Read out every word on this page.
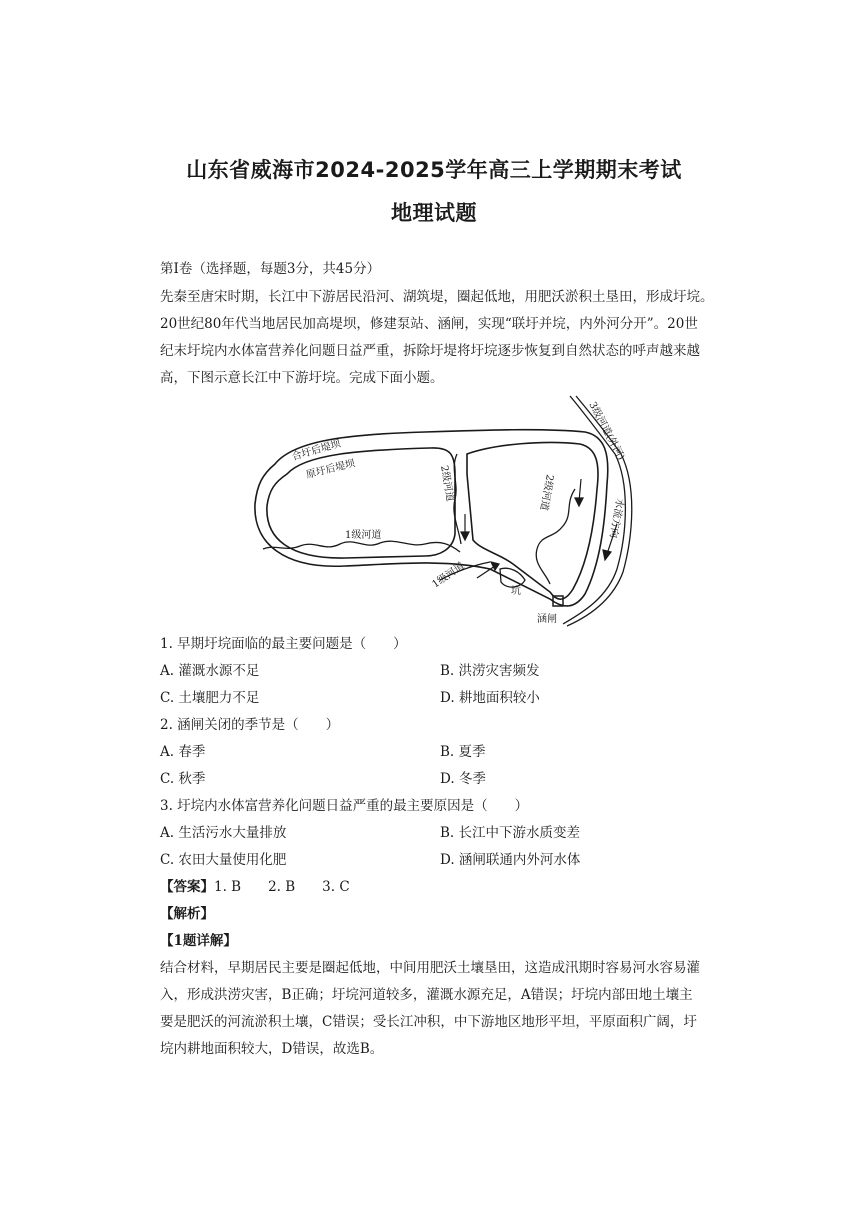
山东省威海市2024-2025学年高三上学期期末考试
地理试题
第Ⅰ卷（选择题，每题3分，共45分）
先秦至唐宋时期，长江中下游居民沿河、湖筑堤，圈起低地，用肥沃淤积土垦田，形成圩垸。
20世纪80年代当地居民加高堤坝，修建泵站、涵闸，实现“联圩并垸，内外河分开”。20世
纪末圩垸内水体富营养化问题日益严重，拆除圩堤将圩垸逐步恢复到自然状态的呼声越来越
高，下图示意长江中下游圩垸。完成下面小题。
合圩后堤坝
原圩后堤坝
1级河道
1级河道
2级河道	2级河道
3级河道(外河)
水流方向
坑
涵闸
1. 早期圩垸面临的最主要问题是（　　）
A. 灌溉水源不足	B. 洪涝灾害频发
C. 土壤肥力不足	D. 耕地面积较小
2. 涵闸关闭的季节是（　　）
A. 春季	B. 夏季
C. 秋季	D. 冬季
3. 圩垸内水体富营养化问题日益严重的最主要原因是（　　）
A. 生活污水大量排放	B. 长江中下游水质变差
C. 农田大量使用化肥	D. 涵闸联通内外河水体
【答案】1. B　　2. B　　3. C
【解析】
【1题详解】
结合材料，早期居民主要是圈起低地，中间用肥沃土壤垦田，这造成汛期时容易河水容易灌
入，形成洪涝灾害，B正确；圩垸河道较多，灌溉水源充足，A错误；圩垸内部田地土壤主
要是肥沃的河流淤积土壤，C错误；受长江冲积，中下游地区地形平坦，平原面积广阔，圩
垸内耕地面积较大，D错误，故选B。
